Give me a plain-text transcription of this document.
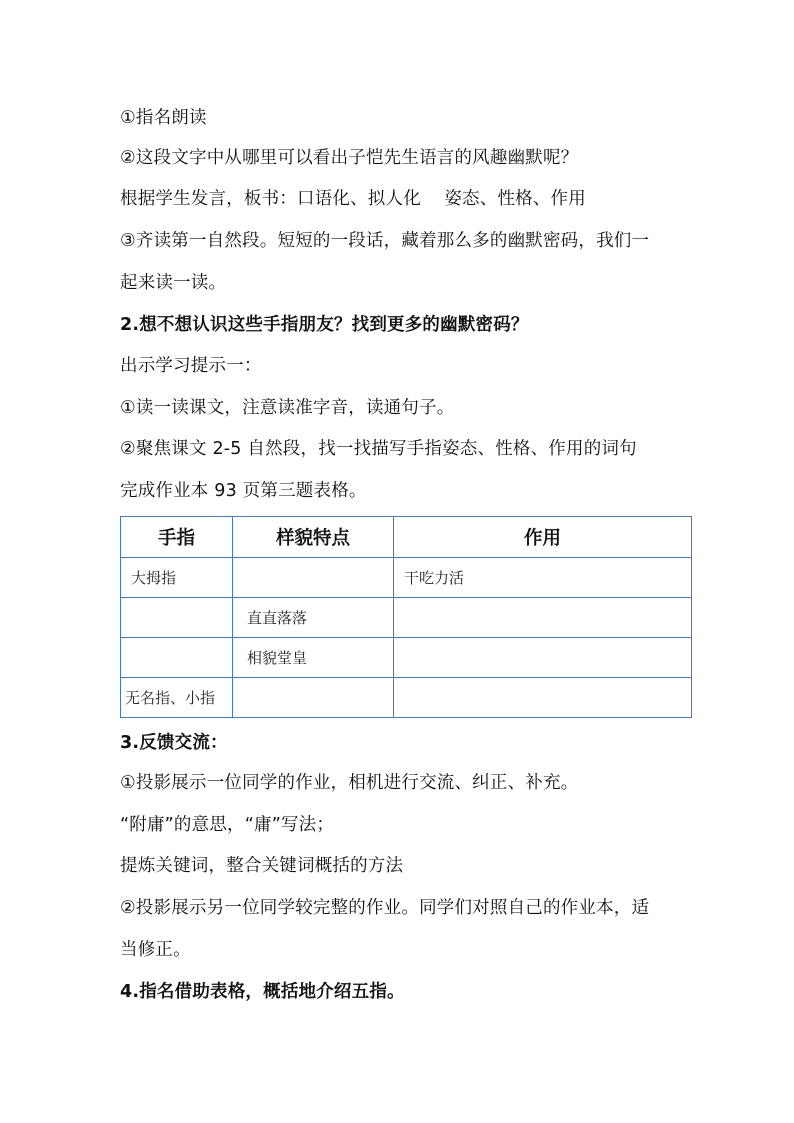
①指名朗读
②这段文字中从哪里可以看出子恺先生语言的风趣幽默呢？
根据学生发言，板书：口语化、拟人化　 姿态、性格、作用
③齐读第一自然段。短短的一段话，藏着那么多的幽默密码，我们一
起来读一读。
2.想不想认识这些手指朋友？找到更多的幽默密码？
出示学习提示一：
①读一读课文，注意读准字音，读通句子。
②聚焦课文 2-5 自然段，找一找描写手指姿态、性格、作用的词句
完成作业本 93 页第三题表格。
手指	样貌特点	作用
大拇指		干吃力活
	直直落落	
	相貌堂皇	
无名指、小指		
3.反馈交流：
①投影展示一位同学的作业，相机进行交流、纠正、补充。
“附庸”的意思，“庸”写法；
提炼关键词，整合关键词概括的方法
②投影展示另一位同学较完整的作业。同学们对照自己的作业本，适
当修正。
4.指名借助表格，概括地介绍五指。
